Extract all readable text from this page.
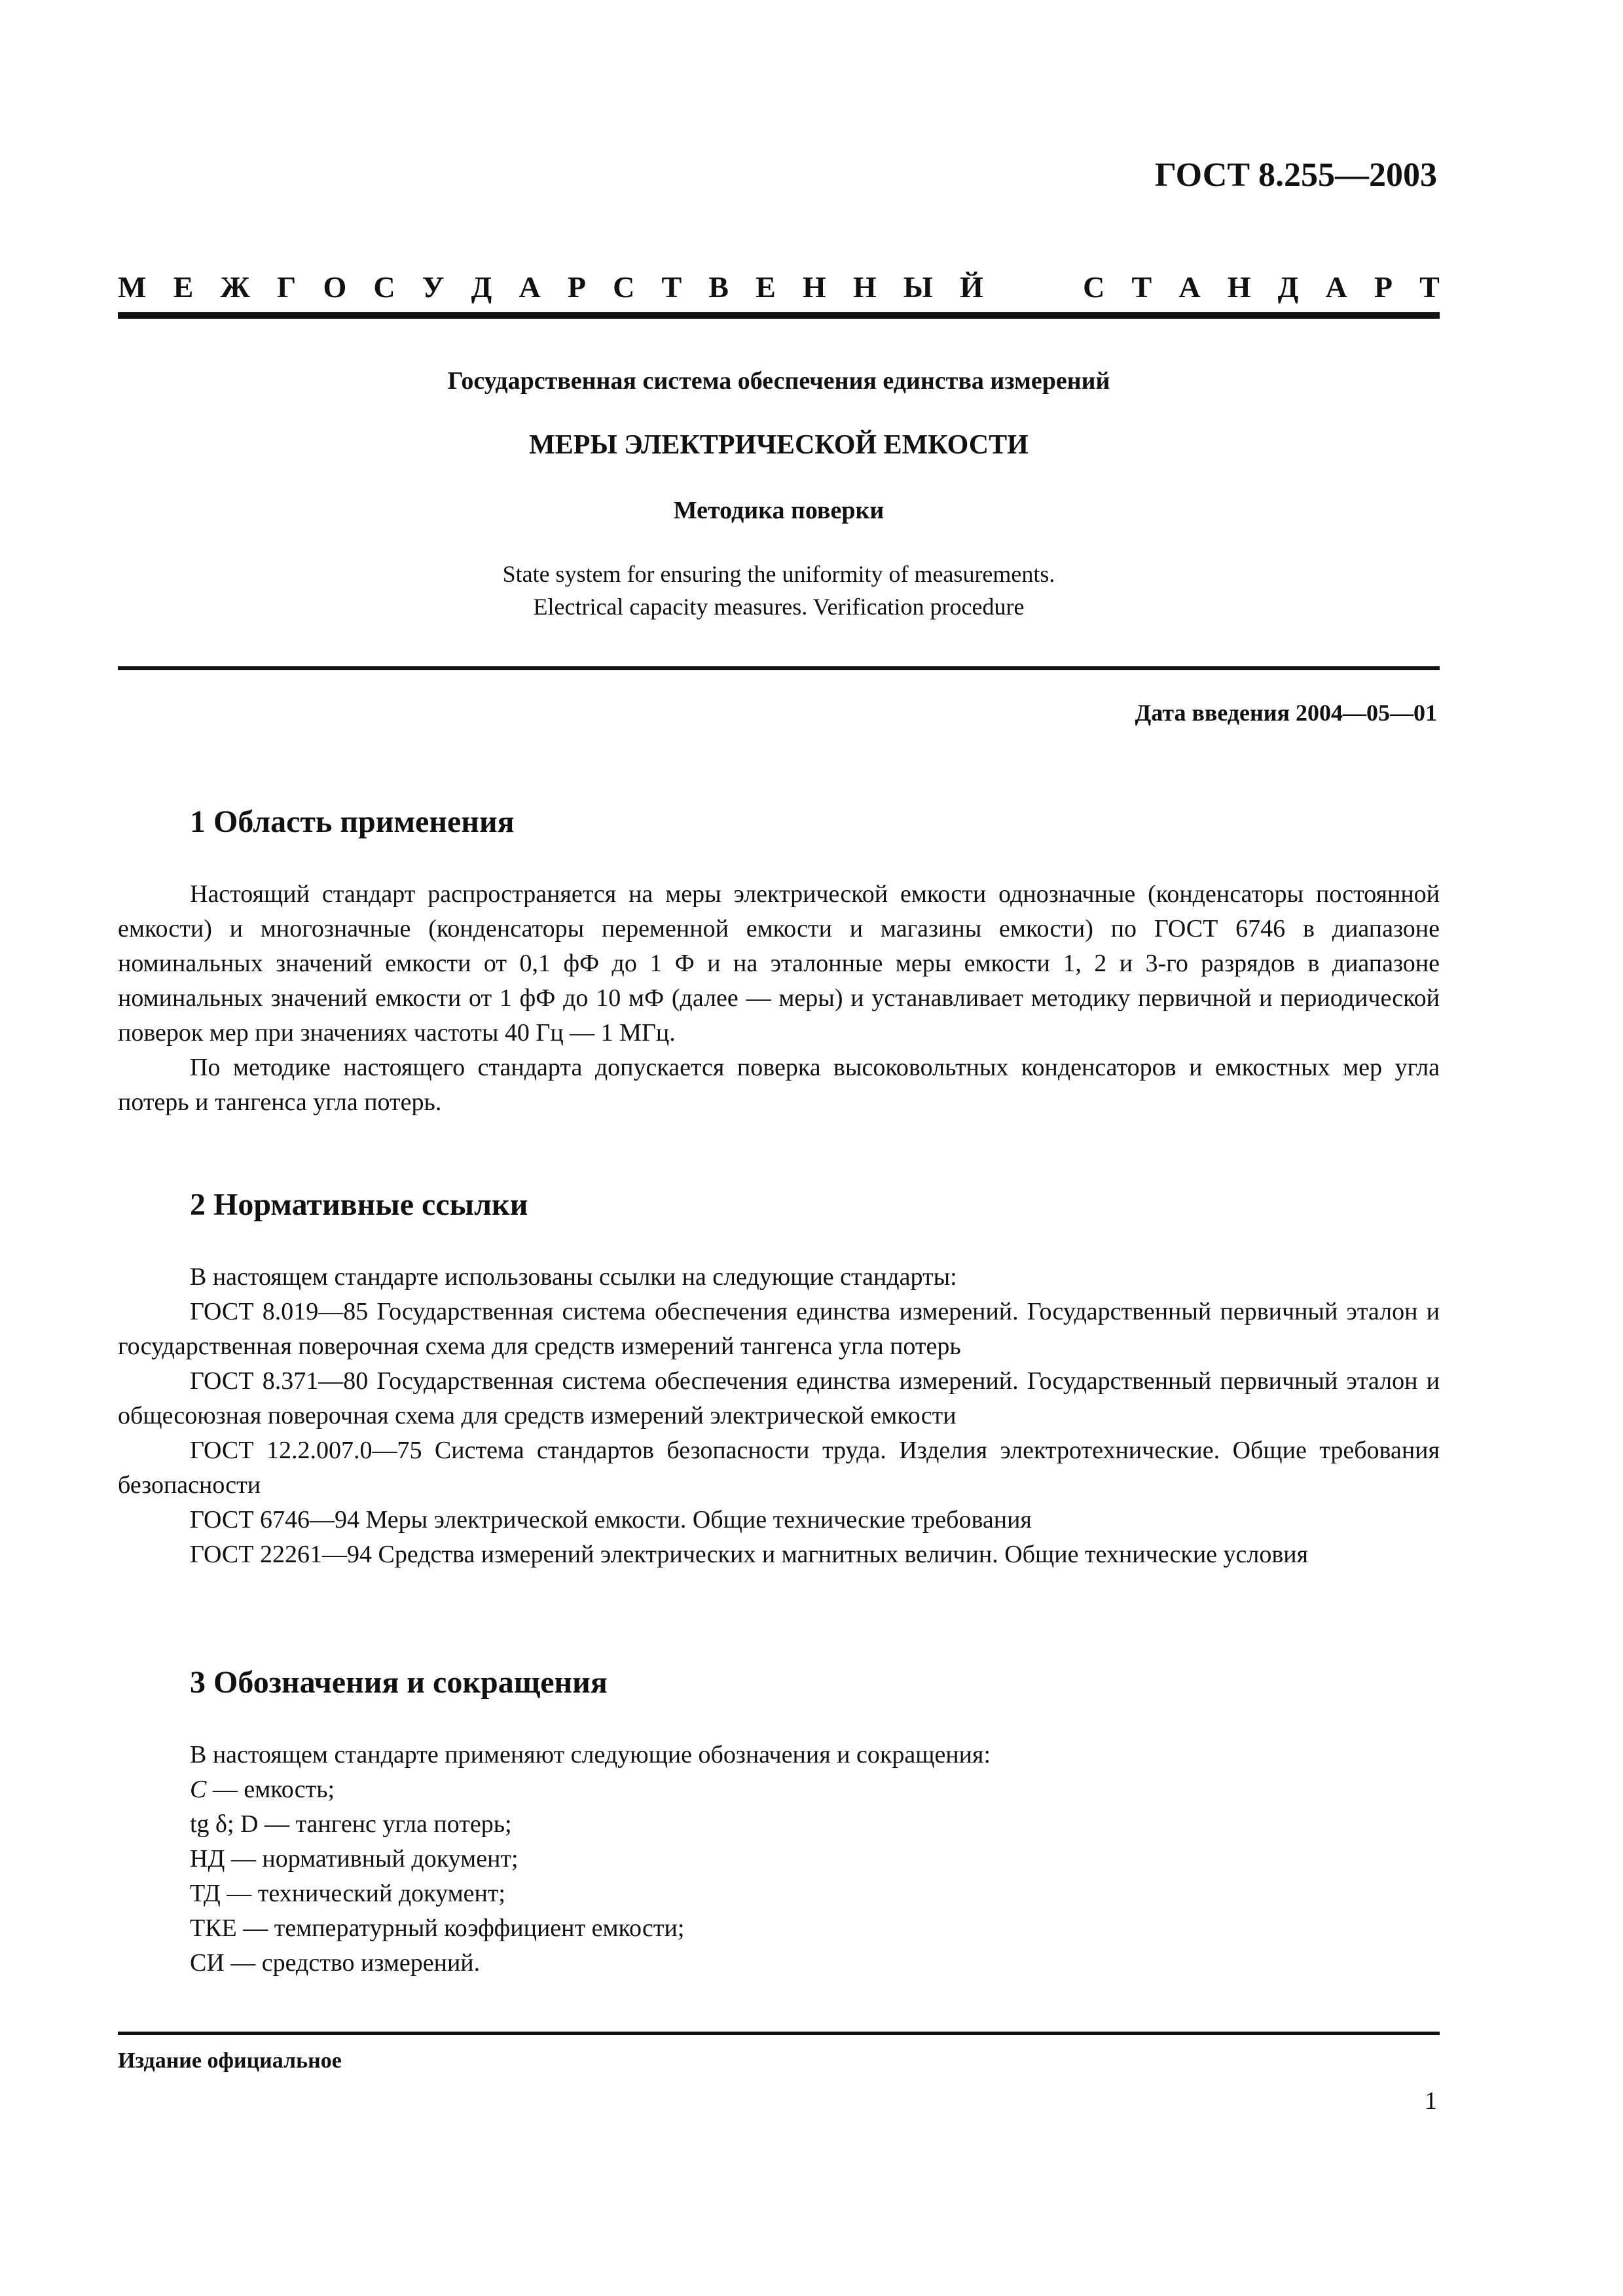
ГОСТ 8.255—2003
М Е Ж Г О С У Д А Р С Т В Е Н Н Ы Й	С Т А Н Д А Р Т
Государственная система обеспечения единства измерений
МЕРЫ ЭЛЕКТРИЧЕСКОЙ ЕМКОСТИ
Методика поверки
State system for ensuring the uniformity of measurements.
Electrical capacity measures. Verification procedure
Дата введения 2004—05—01
1 Область применения

Настоящий стандарт распространяется на меры электрической емкости однозначные (конденсаторы постоянной емкости) и многозначные (конденсаторы переменной емкости и магазины емкости) по ГОСТ 6746 в диапазоне номинальных значений емкости от 0,1 фФ до 1 Ф и на эталонные меры емкости 1, 2 и 3-го разрядов в диапазоне номинальных значений емкости от 1 фФ до 10 мФ (далее — меры) и устанавливает методику первичной и периодической поверок мер при значениях частоты 40 Гц — 1 МГц.

По методике настоящего стандарта допускается поверка высоковольтных конденсаторов и емкостных мер угла потерь и тангенса угла потерь.

2 Нормативные ссылки

В настоящем стандарте использованы ссылки на следующие стандарты:

ГОСТ 8.019—85 Государственная система обеспечения единства измерений. Государственный первичный эталон и государственная поверочная схема для средств измерений тангенса угла потерь

ГОСТ 8.371—80 Государственная система обеспечения единства измерений. Государственный первичный эталон и общесоюзная поверочная схема для средств измерений электрической емкости

ГОСТ 12.2.007.0—75 Система стандартов безопасности труда. Изделия электротехнические. Общие требования безопасности

ГОСТ 6746—94 Меры электрической емкости. Общие технические требования

ГОСТ 22261—94 Средства измерений электрических и магнитных величин. Общие технические условия

3 Обозначения и сокращения

В настоящем стандарте применяют следующие обозначения и сокращения:

C — емкость;
tg δ; D — тангенс угла потерь;
НД — нормативный документ;
ТД — технический документ;
ТКЕ — температурный коэффициент емкости;
СИ — средство измерений.
Издание официальное
1
